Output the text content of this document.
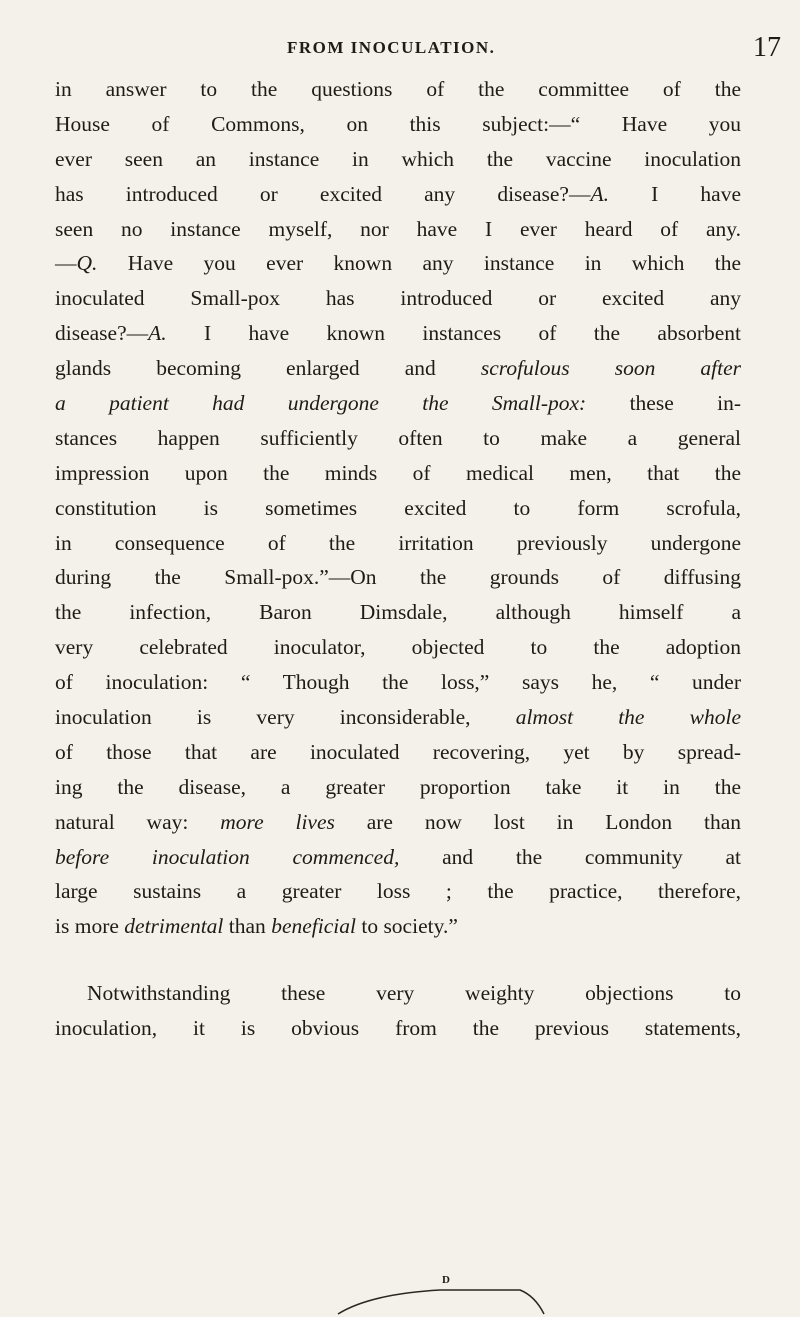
FROM INOCULATION.	17
in answer to the questions of the committee of the
House of Commons, on this subject:—“ Have you
ever seen an instance in which the vaccine inoculation
has introduced or excited any disease?—A. I have
seen no instance myself, nor have I ever heard of any.
—Q. Have you ever known any instance in which the
inoculated Small-pox has introduced or excited any
disease?—A. I have known instances of the absorbent
glands becoming enlarged and scrofulous soon after
a patient had undergone the Small-pox: these in-
stances happen sufficiently often to make a general
impression upon the minds of medical men, that the
constitution is sometimes excited to form scrofula,
in consequence of the irritation previously undergone
during the Small-pox.”—On the grounds of diffusing
the infection, Baron Dimsdale, although himself a
very celebrated inoculator, objected to the adoption
of inoculation: “ Though the loss,” says he, “ under
inoculation is very inconsiderable, almost the whole
of those that are inoculated recovering, yet by spread-
ing the disease, a greater proportion take it in the
natural way: more lives are now lost in London than
before inoculation commenced, and the community at
large sustains a greater loss ; the practice, therefore,
is more detrimental than beneficial to society.”
Notwithstanding these very weighty objections to
inoculation, it is obvious from the previous statements,
D
